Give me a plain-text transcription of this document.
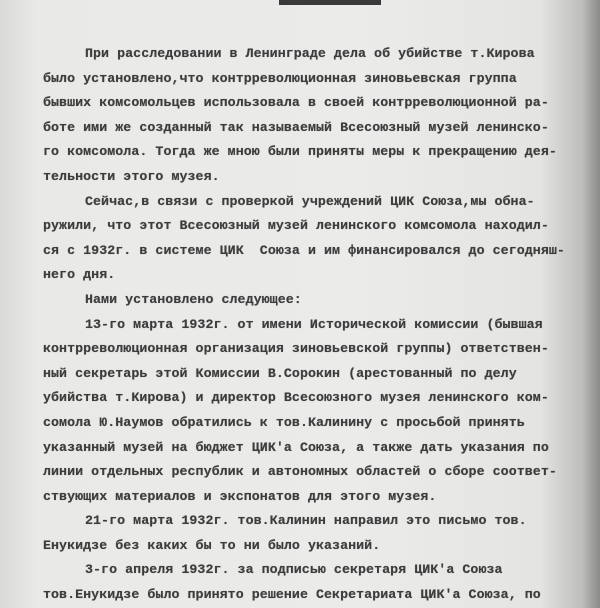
При расследовании в Ленинграде дела об убийстве т.Кирова
было установлено,что контрреволюционная зиновьевская группа
бывших комсомольцев использовала в своей контрреволюционной ра-
боте ими же созданный так называемый Всесоюзный музей ленинско-
го комсомола. Тогда же мною были приняты меры к прекращению дея-
тельности этого музея.
Сейчас,в связи с проверкой учреждений ЦИК Союза,мы обна-
ружили, что этот Всесоюзный музей ленинского комсомола находил-
ся с 1932г. в системе ЦИК  Союза и им финансировался до сегодняш-
него дня.
Нами установлено следующее:
13-го марта 1932г. от имени Исторической комиссии (бывшая
контрреволюционная организация зиновьевской группы) ответствен-
ный секретарь этой Комиссии В.Сорокин (арестованный по делу
убийства т.Кирова) и директор Всесоюзного музея ленинского ком-
сомола Ю.Наумов обратились к тов.Калинину с просьбой принять
указанный музей на бюджет ЦИК'а Союза, а также дать указания по
линии отдельных республик и автономных областей о сборе соответ-
ствующих материалов и экспонатов для этого музея.
21-го марта 1932г. тов.Калинин направил это письмо тов.
Енукидзе без каких бы то ни было указаний.
3-го апреля 1932г. за подписью секретаря ЦИК'а Союза
тов.Енукидзе было принято решение Секретариата ЦИК'а Союза, по
